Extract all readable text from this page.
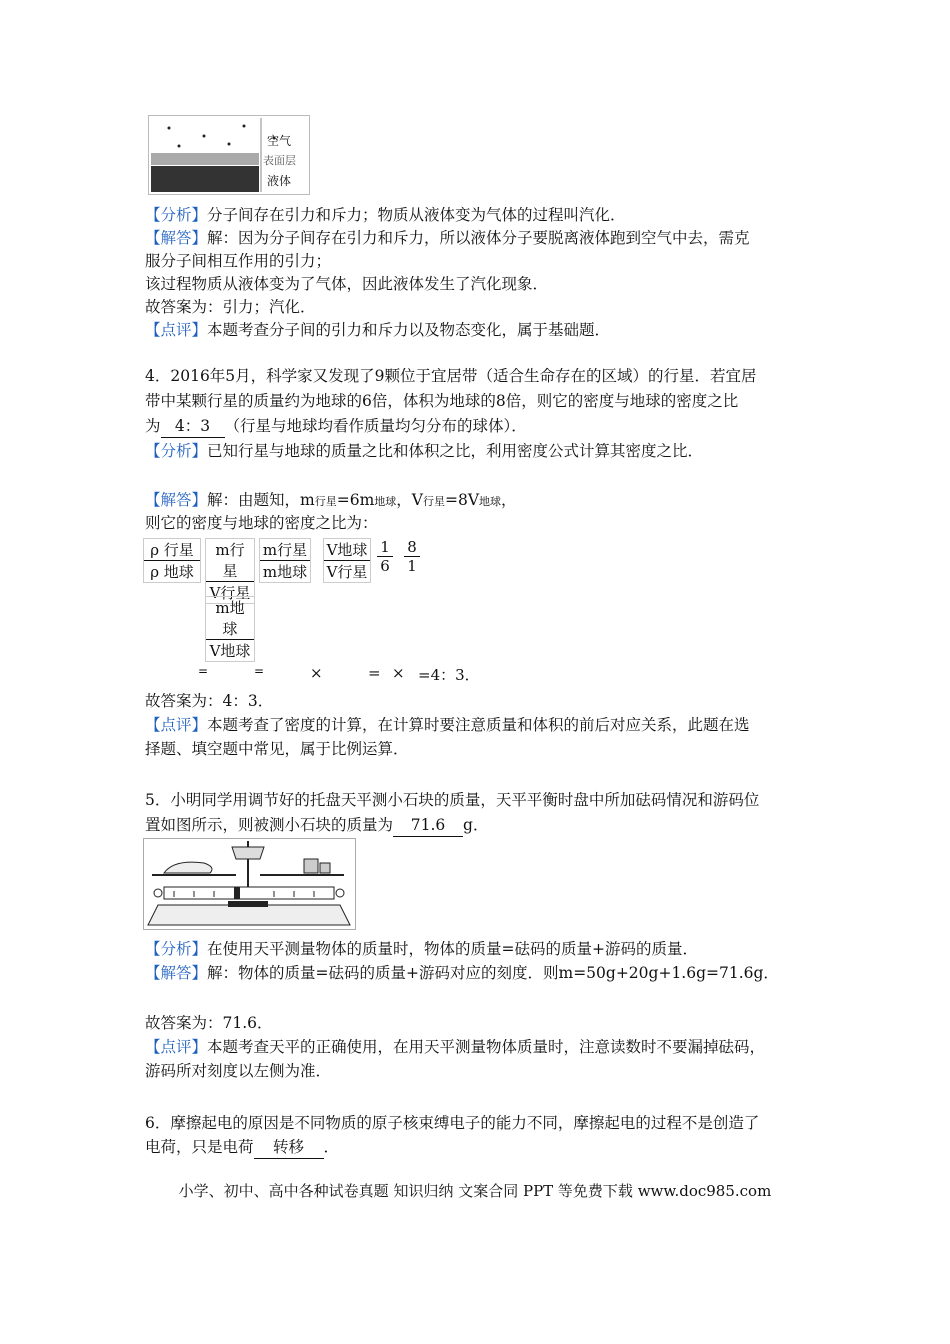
空气
表面层
液体
【分析】分子间存在引力和斥力；物质从液体变为气体的过程叫汽化．
【解答】解：因为分子间存在引力和斥力，所以液体分子要脱离液体跑到空气中去，需克
服分子间相互作用的引力；
该过程物质从液体变为了气体，因此液体发生了汽化现象．
故答案为：引力；汽化．
【点评】本题考查分子间的引力和斥力以及物态变化，属于基础题．
4．2016年5月，科学家又发现了9颗位于宜居带（适合生命存在的区域）的行星．若宜居
带中某颗行星的质量约为地球的6倍，体积为地球的8倍，则它的密度与地球的密度之比
为 4：3 （行星与地球均看作质量均匀分布的球体）．
【分析】已知行星与地球的质量之比和体积之比，利用密度公式计算其密度之比．
【解答】解：由题知，m行星=6m地球，V行星=8V地球，
则它的密度与地球的密度之比为：
ρ 行星
ρ 地球
m行星
V行星
m地球
V地球
m行星
m地球
V地球
V行星 $\frac{1}{6} \frac{8}{1}$
=	=	×	= × =4：3．
故答案为：4：3．
【点评】本题考查了密度的计算，在计算时要注意质量和体积的前后对应关系，此题在选
择题、填空题中常见，属于比例运算．
5．小明同学用调节好的托盘天平测小石块的质量，天平平衡时盘中所加砝码情况和游码位
置如图所示，则被测小石块的质量为 71.6 g．
【分析】在使用天平测量物体的质量时，物体的质量=砝码的质量+游码的质量．
【解答】解：物体的质量=砝码的质量+游码对应的刻度．则m=50g+20g+1.6g=71.6g．
故答案为：71.6．
【点评】本题考查天平的正确使用，在用天平测量物体质量时，注意读数时不要漏掉砝码，
游码所对刻度以左侧为准．
6．摩擦起电的原因是不同物质的原子核束缚电子的能力不同，摩擦起电的过程不是创造了
电荷，只是电荷 转移 ．
小学、初中、高中各种试卷真题 知识归纳 文案合同 PPT 等免费下载 www.doc985.com
